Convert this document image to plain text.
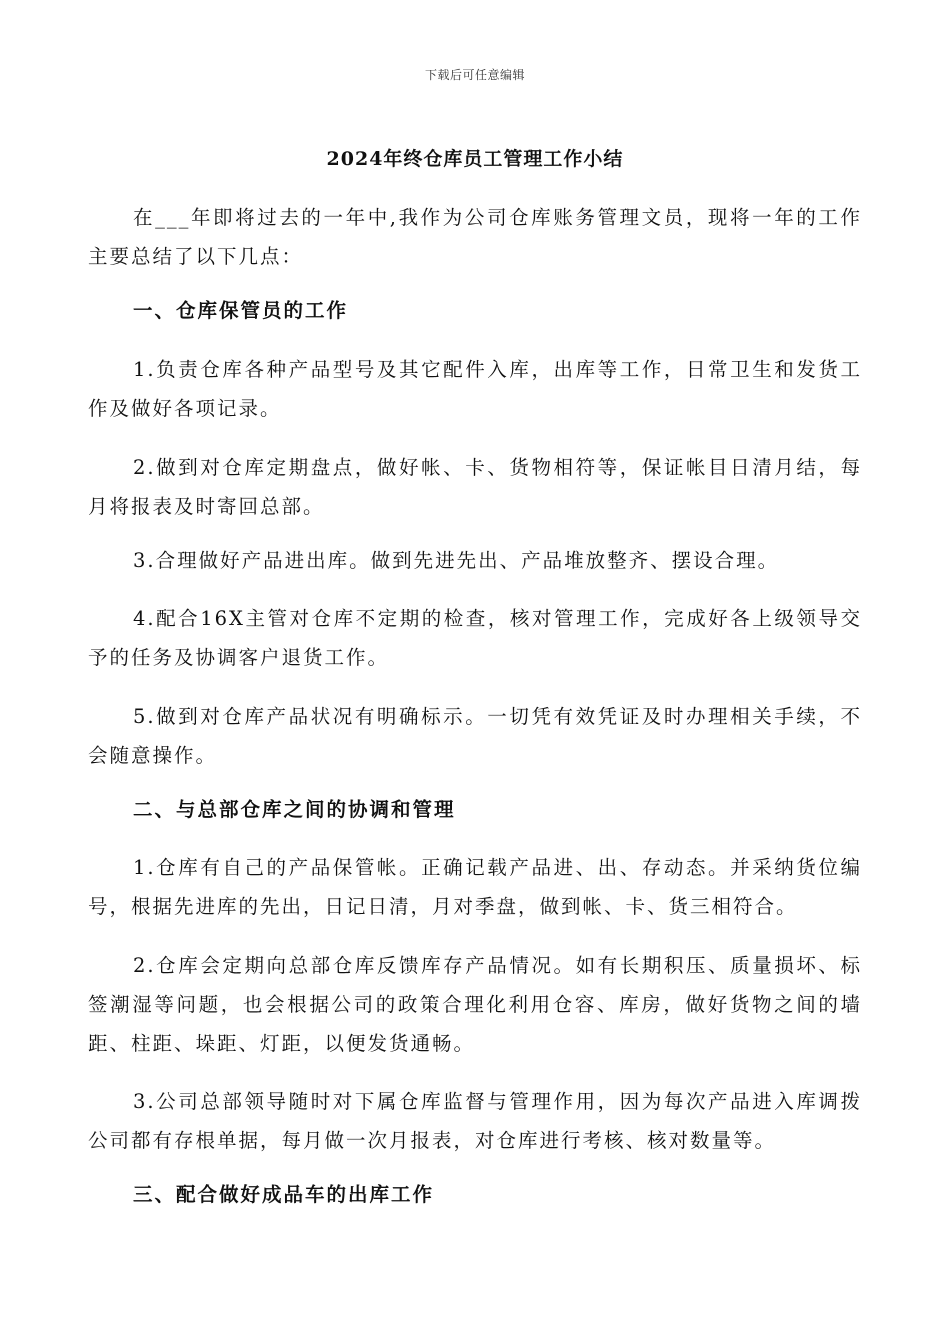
下载后可任意编辑
2024年终仓库员工管理工作小结

在___年即将过去的一年中,我作为公司仓库账务管理文员，现将一年的工作主要总结了以下几点：

一、仓库保管员的工作

1.负责仓库各种产品型号及其它配件入库，出库等工作，日常卫生和发货工作及做好各项记录。

2.做到对仓库定期盘点，做好帐、卡、货物相符等，保证帐目日清月结，每月将报表及时寄回总部。

3.合理做好产品进出库。做到先进先出、产品堆放整齐、摆设合理。

4.配合16X主管对仓库不定期的检查，核对管理工作，完成好各上级领导交予的任务及协调客户退货工作。

5.做到对仓库产品状况有明确标示。一切凭有效凭证及时办理相关手续，不会随意操作。

二、与总部仓库之间的协调和管理

1.仓库有自己的产品保管帐。正确记载产品进、出、存动态。并采纳货位编号，根据先进库的先出，日记日清，月对季盘，做到帐、卡、货三相符合。

2.仓库会定期向总部仓库反馈库存产品情况。如有长期积压、质量损坏、标签潮湿等问题，也会根据公司的政策合理化利用仓容、库房，做好货物之间的墙距、柱距、垛距、灯距，以便发货通畅。

3.公司总部领导随时对下属仓库监督与管理作用，因为每次产品进入库调拨公司都有存根单据，每月做一次月报表，对仓库进行考核、核对数量等。

三、配合做好成品车的出库工作
